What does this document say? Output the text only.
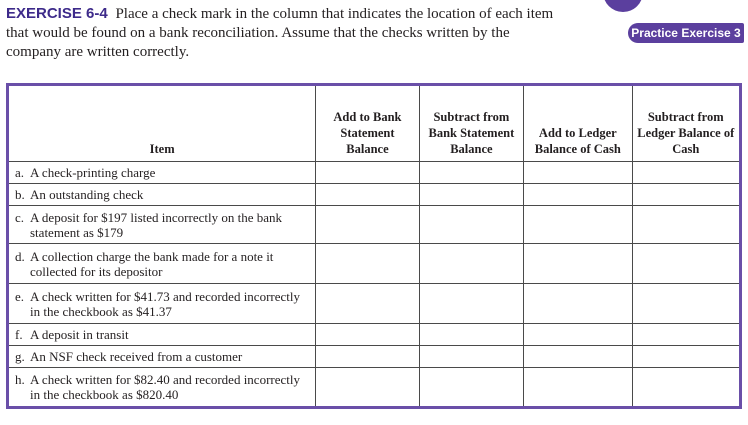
EXERCISE 6-4 Place a check mark in the column that indicates the location of each item that would be found on a bank reconciliation. Assume that the checks written by the company are written correctly.
Practice Exercise 3
Item	Add to Bank Statement Balance	Subtract from Bank Statement Balance	Add to Ledger Balance of Cash	Subtract from Ledger Balance of Cash
a. A check-printing charge				
b. An outstanding check				
c. A deposit for $197 listed incorrectly on the bank statement as $179				
d. A collection charge the bank made for a note it collected for its depositor				
e. A check written for $41.73 and recorded incorrectly in the checkbook as $41.37				
f. A deposit in transit				
g. An NSF check received from a customer				
h. A check written for $82.40 and recorded incorrectly in the checkbook as $820.40				
